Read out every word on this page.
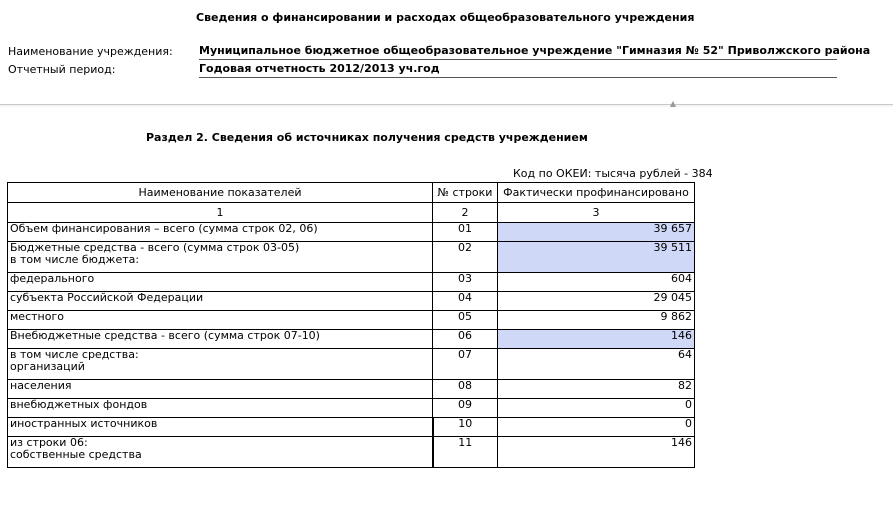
Сведения о финансировании и расходах общеобразовательного учреждения
Наименование учреждения: Муниципальное бюджетное общеобразовательное учреждение "Гимназия № 52" Приволжского района
Отчетный период:	Годовая отчетность 2012/2013 уч.год
▲
Раздел 2. Сведения об источниках получения средств учреждением
Код по ОКЕИ: тысяча рублей - 384
Наименование показателей	№ строки	Фактически профинансировано
1	2	3

Объем финансирования – всего (сумма строк 02, 06)	01	39 657

Бюджетные средства - всего (сумма строк 03-05)
в том числе бюджета:	02	39 511

федерального	03	604

субъекта Российской Федерации	04	29 045

местного	05	9 862

Внебюджетные средства - всего (сумма строк 07-10)	06	146

в том числе средства:
организаций	07	64

населения	08	82

внебюджетных фондов	09	0

иностранных источников	10	0

из строки 06:
собственные средства	11	146
